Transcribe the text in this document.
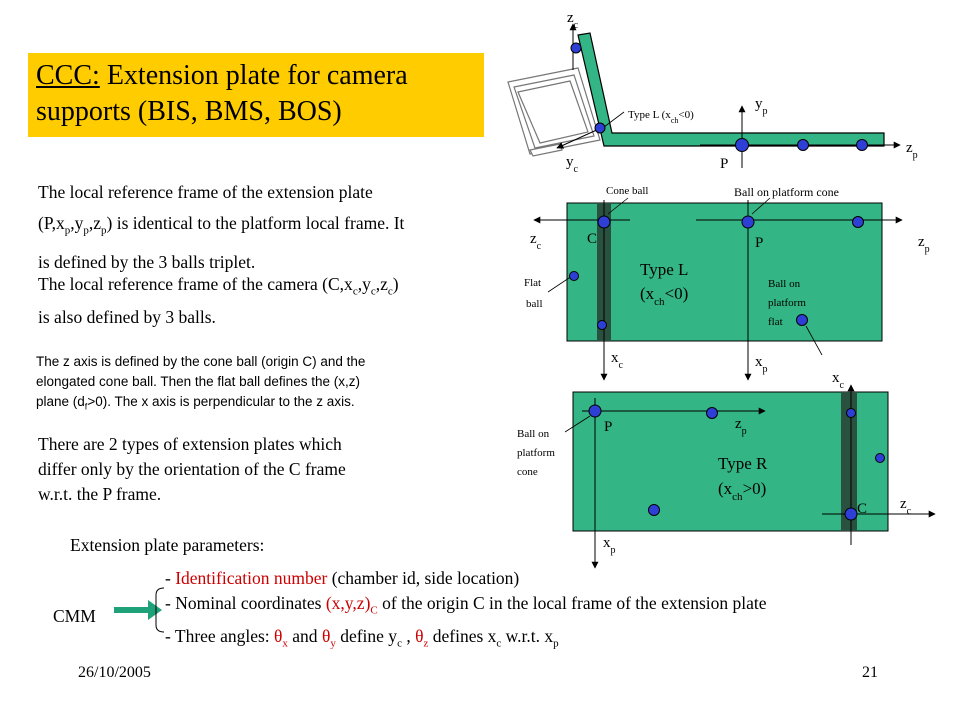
CCC: Extension plate for camera
supports (BIS, BMS, BOS)
The local reference frame of the extension plate
$(P,x_p,y_p,z_p)$ is identical to the platform local frame. It
is defined by the 3 balls triplet.
The local reference frame of the camera $(C,x_c,y_c,z_c)$
is also defined by 3 balls.
The z axis is defined by the cone ball (origin C) and the
elongated cone ball. Then the flat ball defines the (x,z)
plane $(d_f>0)$. The x axis is perpendicular to the z axis.
There are 2 types of extension plates which
differ only by the orientation of the C frame
w.r.t. the P frame.
Extension plate parameters:
CMM
- Identification number (chamber id, side location)
- Nominal coordinates $(x,y,z)_C$ of the origin C in the local frame of the extension plate
- Three angles: $\theta_x$ and $\theta_y$ define $y_c$ , $\theta_z$ defines $x_c$ w.r.t. $x_p$
26/10/2005	21
$z_c$
$y_c$
$y_p$
$z_p$
P
Type L $(x_{ch}<0)$
Cone ball	Ball on platform cone
$z_c$	$z_p$
C	P
Type L
$(x_{ch}<0)$
Flat
ball
Ball on
platform
flat
$x_c$	$x_p$
$x_c$
$x_p$
$z_p$
$z_c$
P
C
Type R
$(x_{ch}>0)$
Ball on
platform
cone
